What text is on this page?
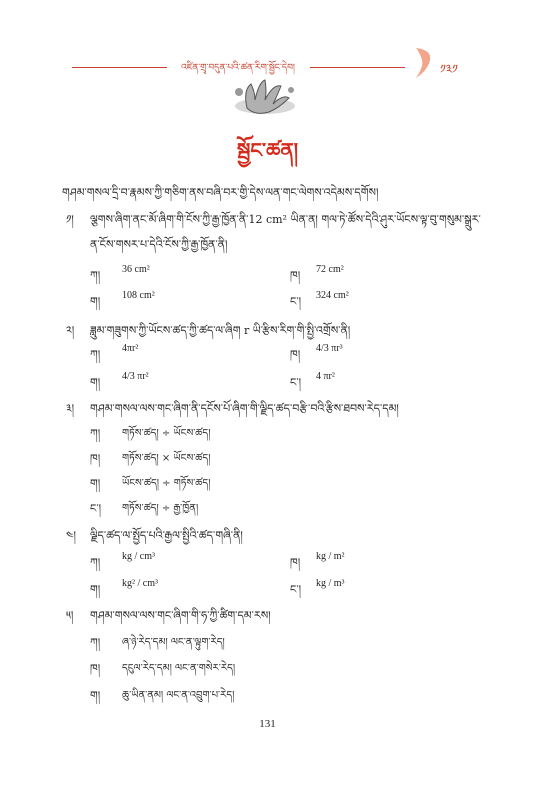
འཛིན་གྲྭ་བདུན་པའི་ཚན་རིག་སྦྱོང་དེབ།	༡༣༡
སྦྱོང་ཚན།
གཤམ་གསལ་དྲི་བ་རྣམས་ཀྱི་གཅིག་ནས་བཞི་བར་གྱི་དེས་ལན་གང་ལེགས་འདེམས་དགོས།
༡། ལྕགས་ཞིག་ནང་མོ་ཞིག་གི་ངོས་ཀྱི་རྒྱ་ཁྱོན་ནི་12 cm² ཡིན་ན། གལ་ཏེ་ཚོས་དེའི་ཤུར་ཡོངས་ལྟ་བུ་གསུམ་སྒྲུར་
ན་ངོས་གསར་པ་དེའི་ངོས་ཀྱི་རྒྱ་ཁྱོན་ནི།
ཀ། 36 cm²	ཁ། 72 cm²
ག། 108 cm²	ང་། 324 cm²
༢། ཟླུམ་གཟུགས་ཀྱི་ཡོངས་ཚད་ཀྱི་ཚད་ལ་ཞིག r ཡི་རྩིས་རིག་གི་སྤྱི་འགྲོས་ནི།
ཀ། 4πr²	ཁ། 4/3 πr³
ག། 4/3 πr²	ང་། 4 πr²
༣། གཤམ་གསལ་ལས་གང་ཞིག་ནི་དངོས་པོ་ཞིག་གི་ལྗིད་ཚད་བརྩི་བའི་རྩིས་ཐབས་རེད་དམ།
ཀ། གཏོས་ཚད། ÷ ཡོངས་ཚད།
ཁ། གཏོས་ཚད། × ཡོངས་ཚད།
ག། ཡོངས་ཚད། ÷ གཏོས་ཚད།
ང་། གཏོས་ཚད། ÷ རྒྱ་ཁྱོན།
༤། ལྗིད་ཚད་ལ་སྤྱོད་པའི་རྒྱལ་སྤྱིའི་ཚད་གཞི་ནི།
ཀ། kg / cm³	ཁ། kg / m²
ག། kg² / cm³	ང་། kg / m³
༥། གཤམ་གསལ་ལས་གང་ཞིག་གི་ཧ་ཀྱི་ཚིག་དམ་རས།
ཀ། ཞ་ཉེ་རེད་དམ། ལང་ན་ལྟུག་རེད།
ཁ། དངུལ་རེད་དམ། ལང་ན་གསེར་རེད།
ག། ཆུ་ཡིན་ནམ། ལང་ན་འབྲུག་པ་རེད།
131
